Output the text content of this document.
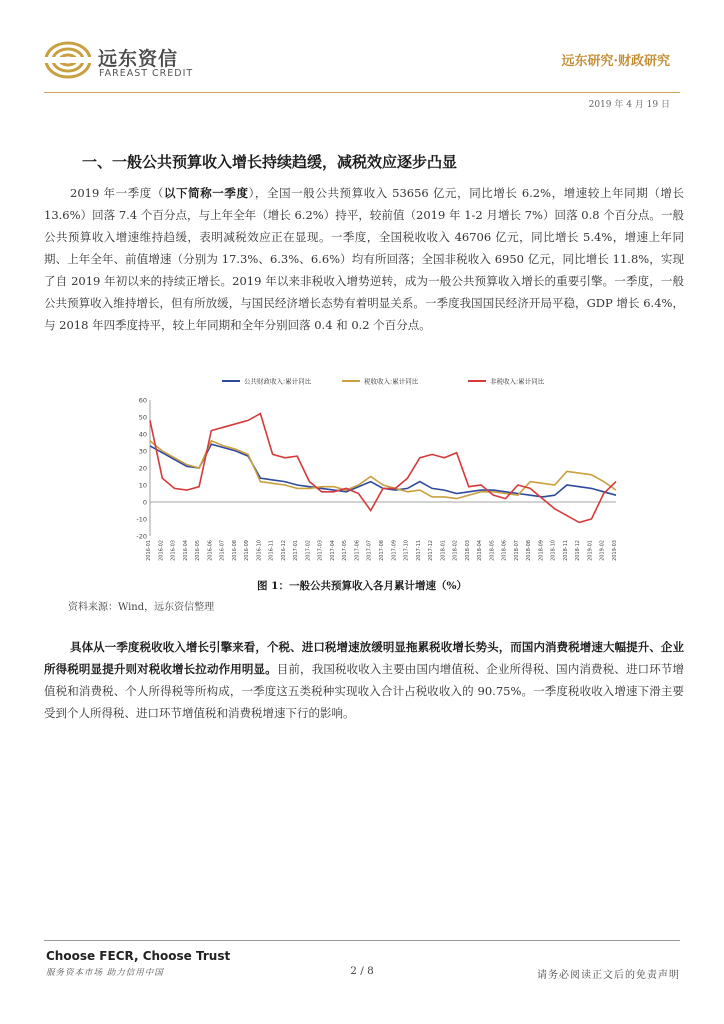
远东资信
FAREAST CREDIT
远东研究·财政研究
2019 年 4 月 19 日
一、一般公共预算收入增长持续趋缓，减税效应逐步凸显

2019 年一季度（以下简称一季度），全国一般公共预算收入 53656 亿元，同比增长 6.2%，增速较上年同期（增长 13.6%）回落 7.4 个百分点，与上年全年（增长 6.2%）持平，较前值（2019 年 1-2 月增长 7%）回落 0.8 个百分点。一般公共预算收入增速维持趋缓，表明减税效应正在显现。一季度，全国税收收入 46706 亿元，同比增长 5.4%，增速上年同期、上年全年、前值增速（分别为 17.3%、6.3%、6.6%）均有所回落；全国非税收入 6950 亿元，同比增长 11.8%，实现了自 2019 年初以来的持续正增长。2019 年以来非税收入增势逆转，成为一般公共预算收入增长的重要引擎。一季度，一般公共预算收入维持增长，但有所放缓，与国民经济增长态势有着明显关系。一季度我国国民经济开局平稳，GDP 增长 6.4%，与 2018 年四季度持平，较上年同期和全年分别回落 0.4 和 0.2 个百分点。

60
50
40
30
20
10
0
-10
-20
2016-01 2016-02 2016-03 2016-04 2016-05 2016-06 2016-07 2016-08 2016-09 2016-10 2016-11 2016-12 2017-01 2017-02 2017-03 2017-04 2017-05 2017-06 2017-07 2017-08 2017-09 2017-10 2017-11 2017-12 2018-01 2018-02 2018-03 2018-04 2018-05 2018-06 2018-07 2018-08 2018-09 2018-10 2018-11 2018-12 2019-01 2019-02 2019-03
公共财政收入:累计同比	税收收入:累计同比	非税收入:累计同比
图 1：一般公共预算收入各月累计增速（%）
资料来源：Wind，远东资信整理

具体从一季度税收收入增长引擎来看，个税、进口税增速放缓明显拖累税收增长势头，而国内消费税增速大幅提升、企业所得税明显提升则对税收增长拉动作用明显。目前，我国税收收入主要由国内增值税、企业所得税、国内消费税、进口环节增值税和消费税、个人所得税等所构成，一季度这五类税种实现收入合计占税收收入的 90.75%。一季度税收收入增速下滑主要受到个人所得税、进口环节增值税和消费税增速下行的影响。

Choose FECR, Choose Trust
服务资本市场 助力信用中国	2 / 8	请务必阅读正文后的免责声明
